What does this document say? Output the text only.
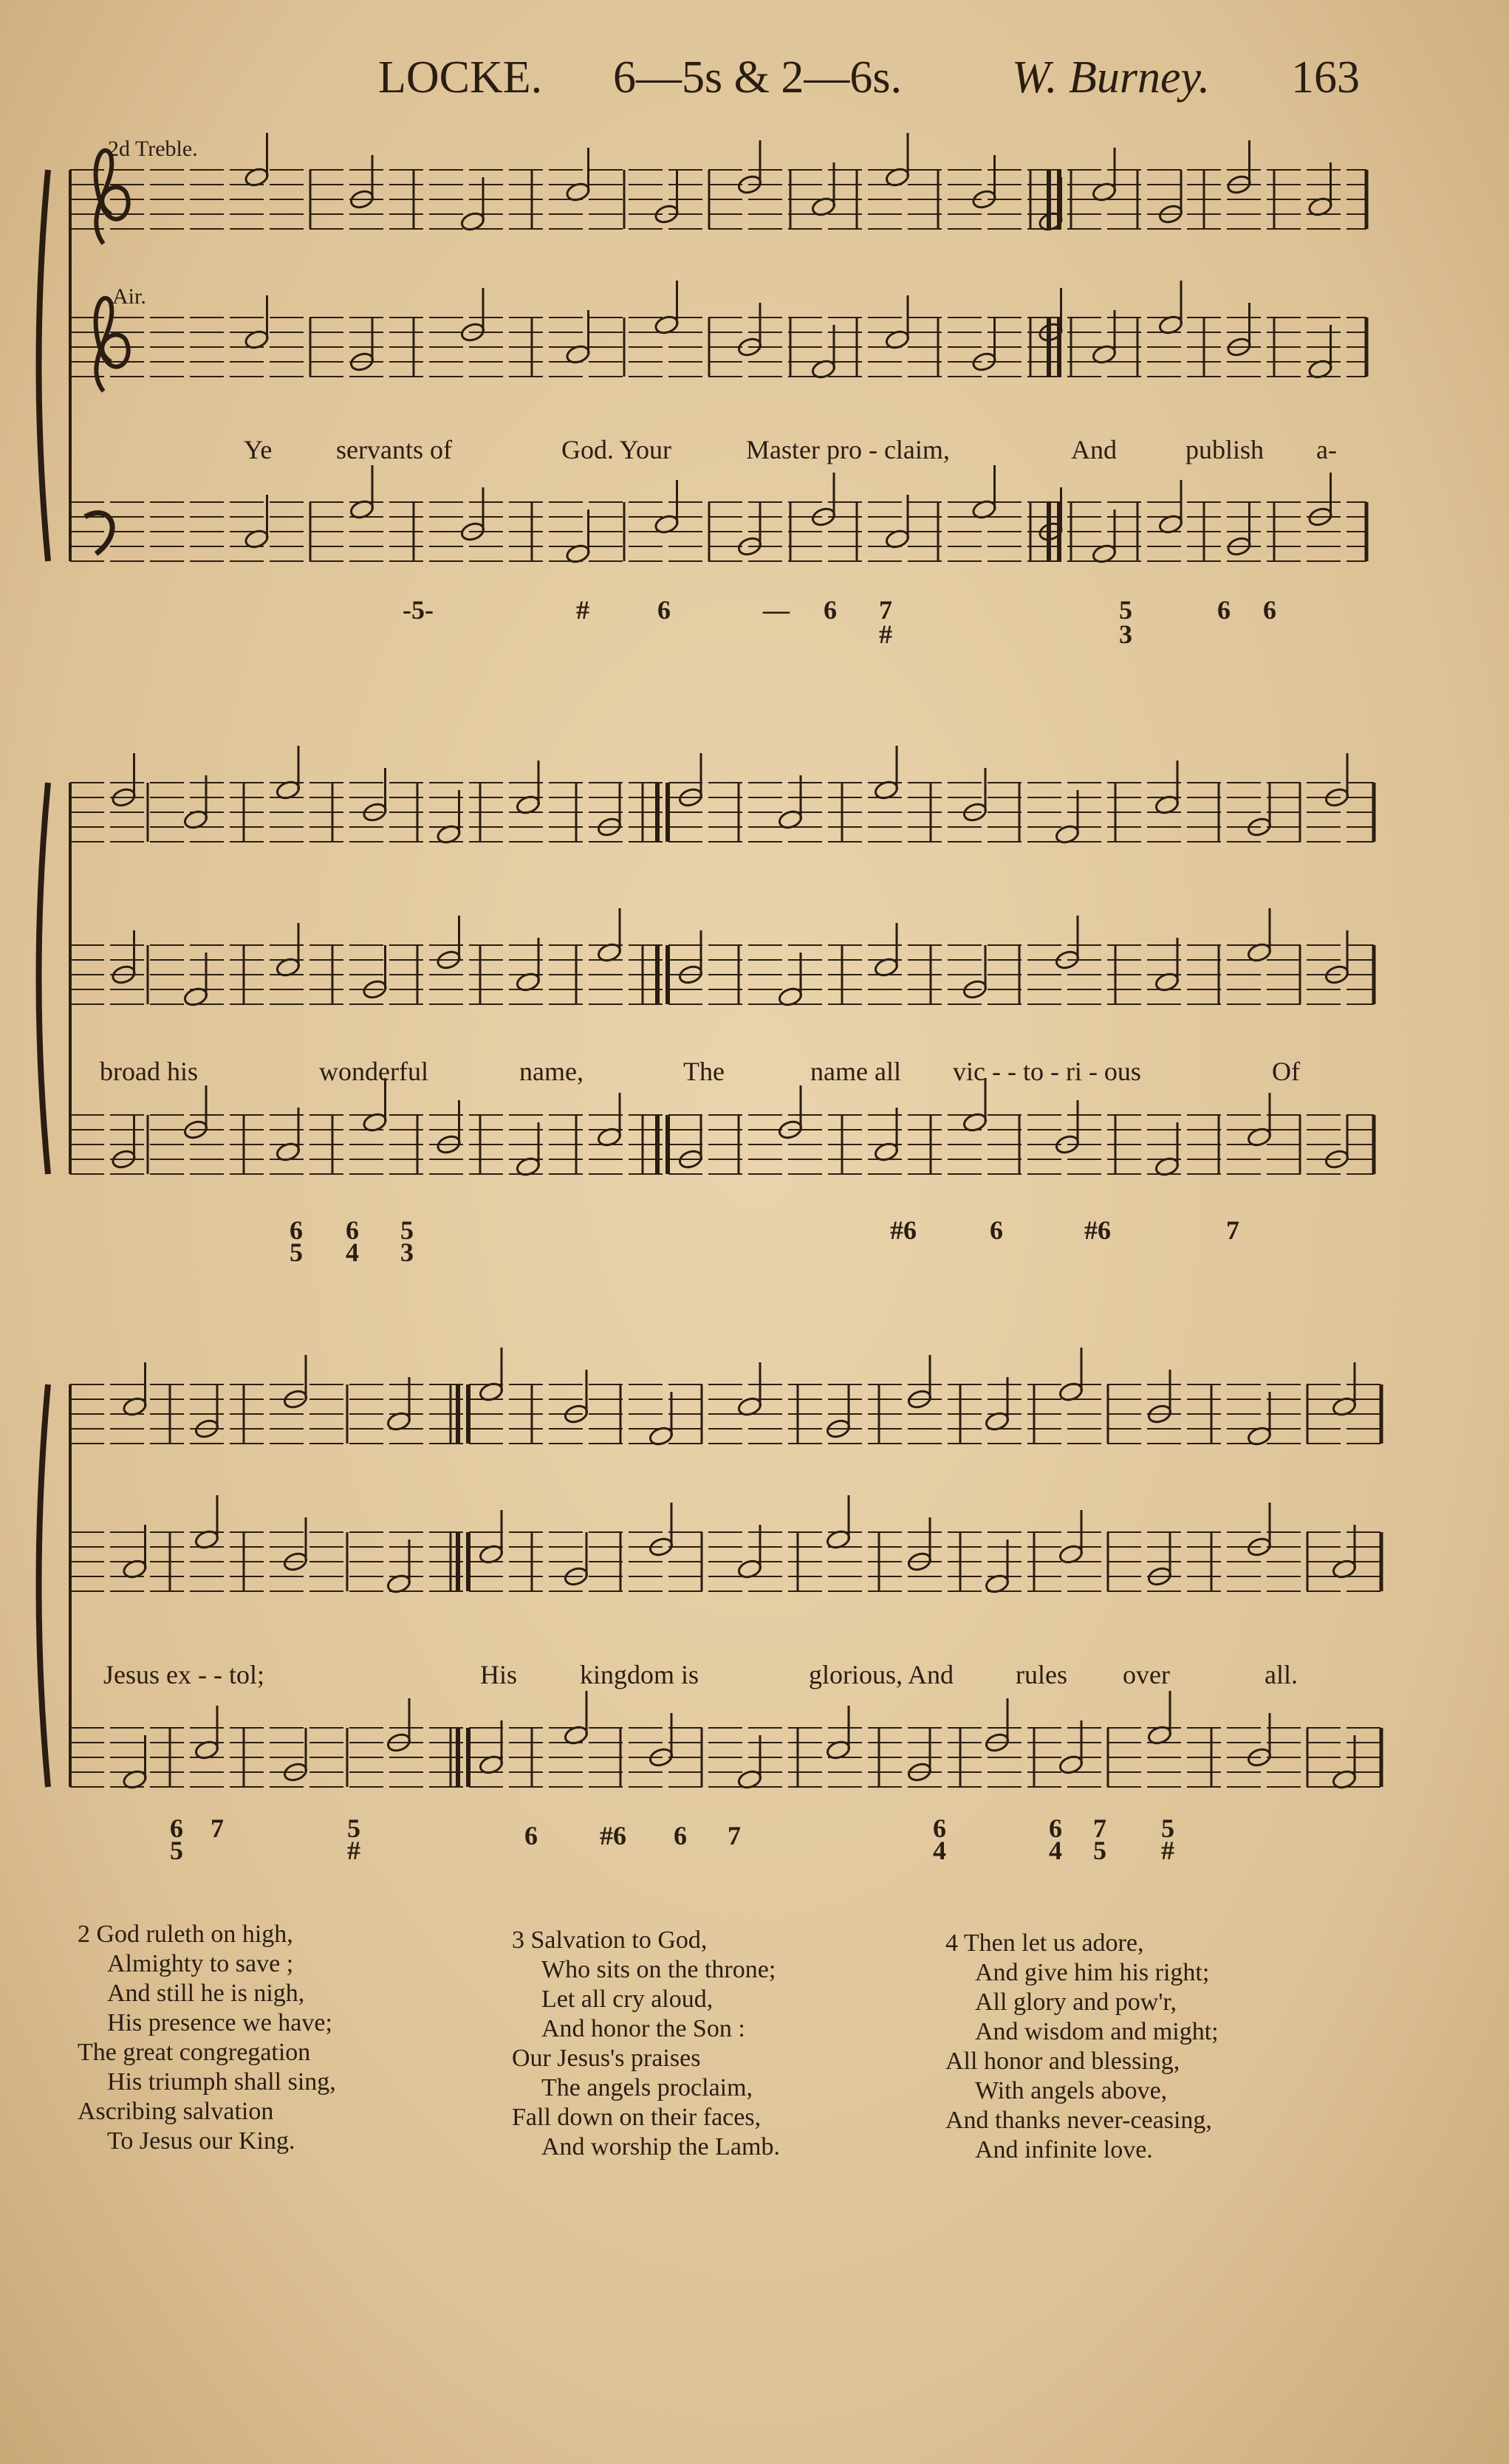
LOCKE. 6—5s & 2—6s. W. Burney. 163
2d Treble.
Air.
Ye servants of	God. Your	Master pro - claim,	And	publish a-
broad his	wonderful	name,	The	name all vic - - to - ri - ous	Of
Jesus ex - - tol;	His kingdom is	glorious, And rules over	all.
-5-	#	6	— 6 7
#
5
3
6 6
6
5
6
4
5
3
#6	6	#6	7
6
5
7	5
#	6 #6 6 7	6
4
6
4
7
5
5
#
2 God ruleth on high,
Almighty to save ;
And still he is nigh,
His presence we have;
The great congregation
His triumph shall sing,
Ascribing salvation
To Jesus our King.
3 Salvation to God,
Who sits on the throne;
Let all cry aloud,
And honor the Son :
Our Jesus's praises
The angels proclaim,
Fall down on their faces,
And worship the Lamb.
4 Then let us adore,
And give him his right;
All glory and pow'r,
And wisdom and might;
All honor and blessing,
With angels above,
And thanks never-ceasing,
And infinite love.
